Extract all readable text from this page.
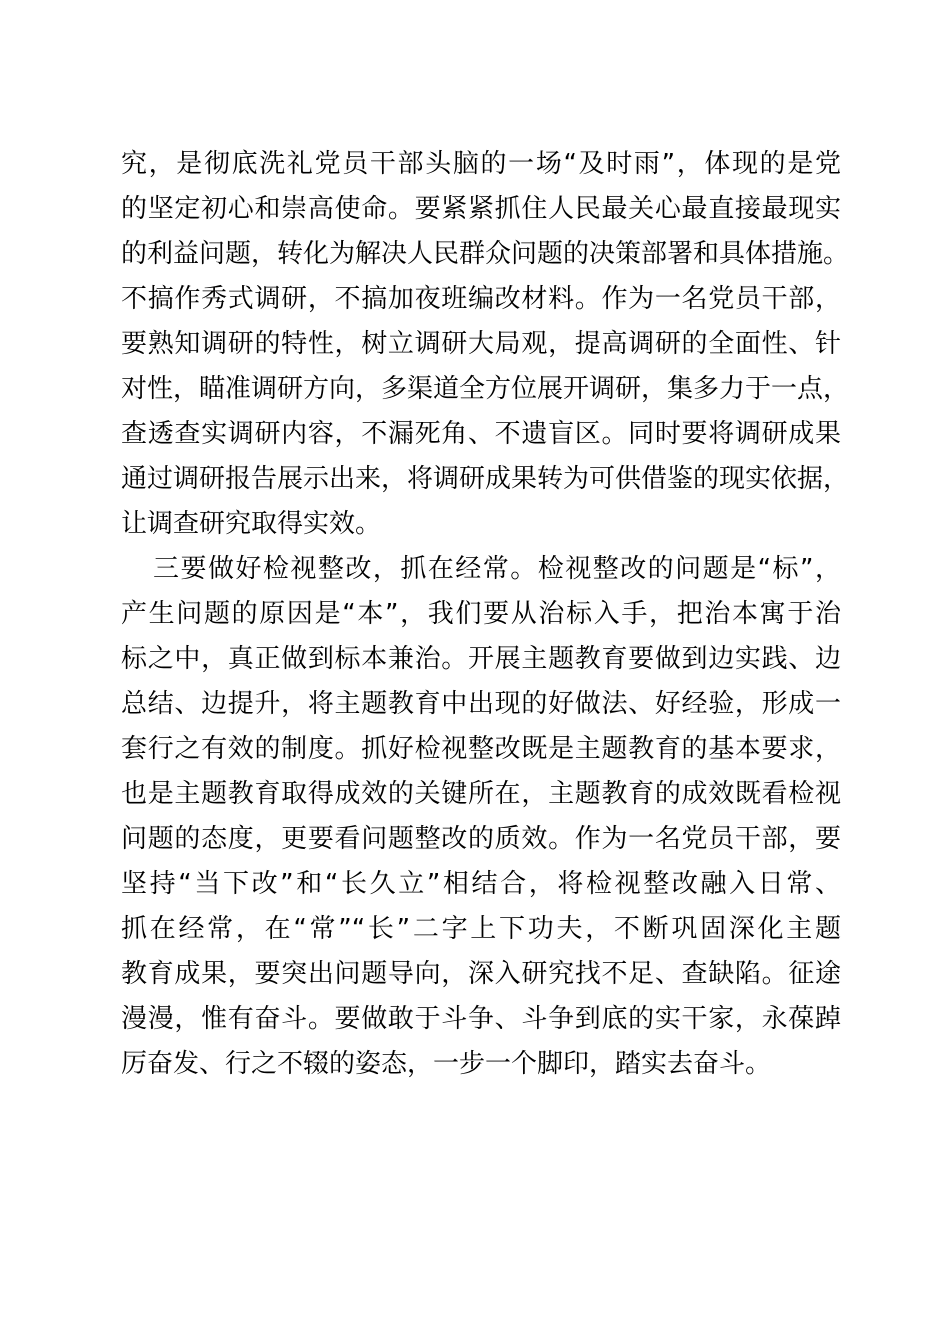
究，是彻底洗礼党员干部头脑的一场“及时雨”，体现的是党
的坚定初心和崇高使命。要紧紧抓住人民最关心最直接最现实
的利益问题，转化为解决人民群众问题的决策部署和具体措施。
不搞作秀式调研，不搞加夜班编改材料。作为一名党员干部，
要熟知调研的特性，树立调研大局观，提高调研的全面性、针
对性，瞄准调研方向，多渠道全方位展开调研，集多力于一点，
查透查实调研内容，不漏死角、不遗盲区。同时要将调研成果
通过调研报告展示出来，将调研成果转为可供借鉴的现实依据，
让调查研究取得实效。
三要做好检视整改，抓在经常。检视整改的问题是“标”，
产生问题的原因是“本”，我们要从治标入手，把治本寓于治
标之中，真正做到标本兼治。开展主题教育要做到边实践、边
总结、边提升，将主题教育中出现的好做法、好经验，形成一
套行之有效的制度。抓好检视整改既是主题教育的基本要求，
也是主题教育取得成效的关键所在，主题教育的成效既看检视
问题的态度，更要看问题整改的质效。作为一名党员干部，要
坚持“当下改”和“长久立”相结合，将检视整改融入日常、
抓在经常，在“常”“长”二字上下功夫，不断巩固深化主题
教育成果，要突出问题导向，深入研究找不足、查缺陷。征途
漫漫，惟有奋斗。要做敢于斗争、斗争到底的实干家，永葆踔
厉奋发、行之不辍的姿态，一步一个脚印，踏实去奋斗。
